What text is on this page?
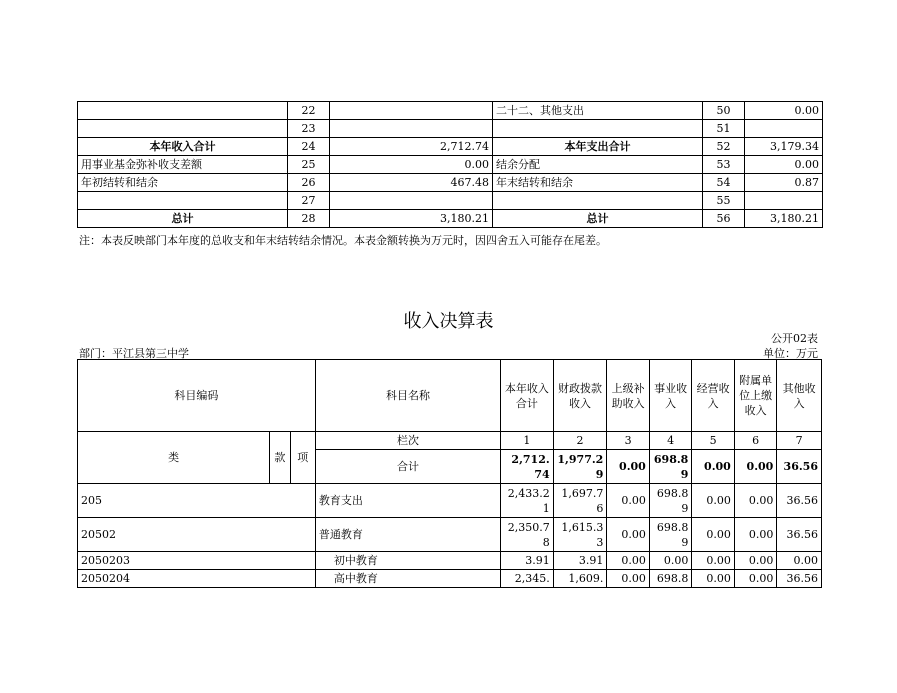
	22		二十二、其他支出	50	0.00
	23			51	
本年收入合计	24	2,712.74	本年支出合计	52	3,179.34
用事业基金弥补收支差额	25	0.00	结余分配	53	0.00
年初结转和结余	26	467.48	年末结转和结余	54	0.87
	27			55	
总计	28	3,180.21	总计	56	3,180.21
注：本表反映部门本年度的总收支和年末结转结余情况。本表金额转换为万元时，因四舍五入可能存在尾差。
收入决算表
公开02表
部门：平江县第三中学	单位：万元
科目编码			科目名称	本年收入合计	财政拨款收入	上级补助收入	事业收入	经营收入	附属单位上缴收入	其他收入
类	款	项	栏次	1	2	3	4	5	6	7
			合计	2,712.74	1,977.29	0.00	698.89	0.00	0.00	36.56
205			教育支出	2,433.21	1,697.76	0.00	698.89	0.00	0.00	36.56
20502			普通教育	2,350.78	1,615.33	0.00	698.89	0.00	0.00	36.56
2050203			初中教育	3.91	3.91	0.00	0.00	0.00	0.00	0.00
2050204			高中教育	2,345.	1,609.	0.00	698.8	0.00	0.00	36.56
